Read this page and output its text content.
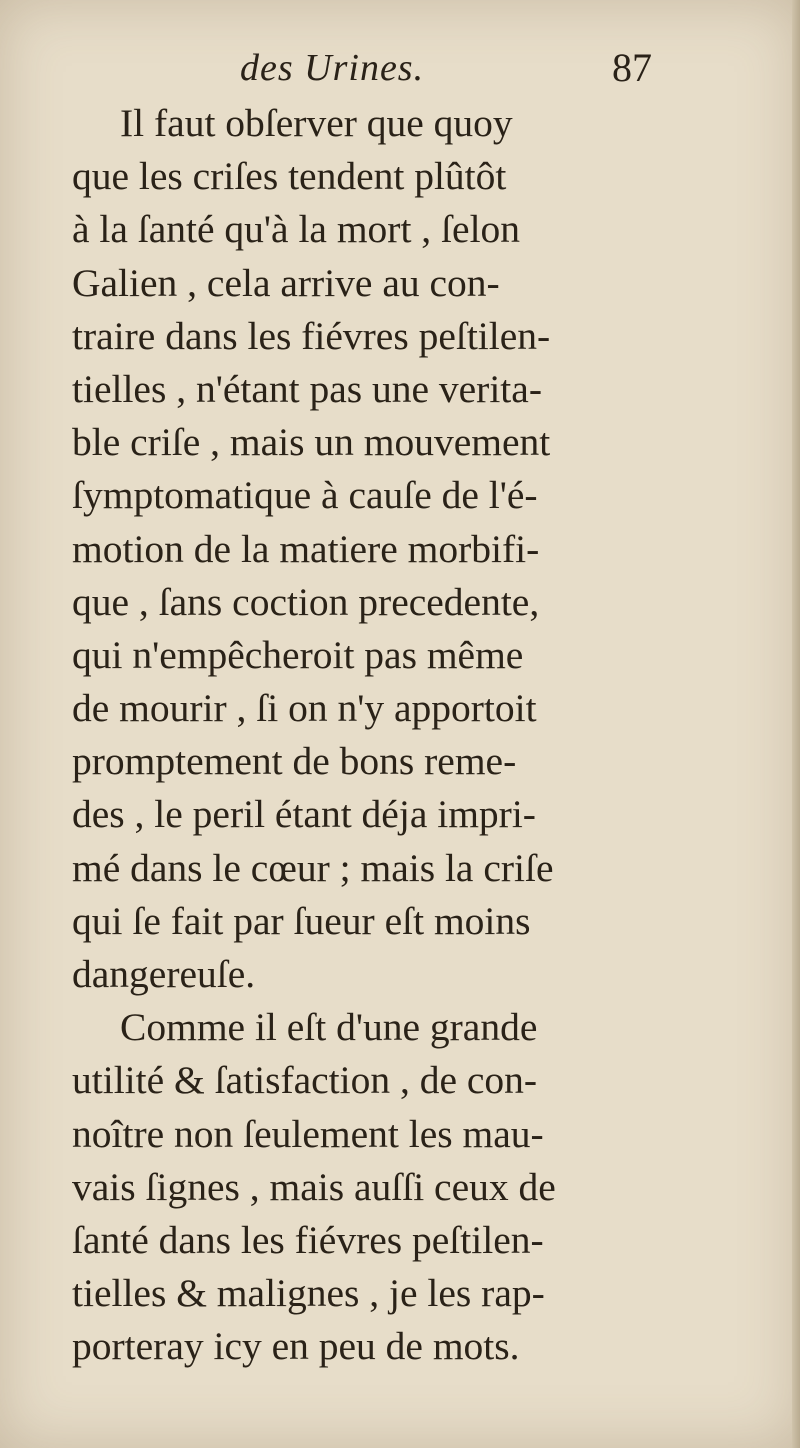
des Urines.	87
Il faut obſerver que quoy
que les criſes tendent plûtôt
à la ſanté qu'à la mort , ſelon
Galien , cela arrive au con-
traire dans les fiévres peſtilen-
tielles , n'étant pas une verita-
ble criſe , mais un mouvement
ſymptomatique à cauſe de l'é-
motion de la matiere morbifi-
que , ſans coction precedente,
qui n'empêcheroit pas même
de mourir , ſi on n'y apportoit
promptement de bons reme-
des , le peril étant déja impri-
mé dans le cœur ; mais la criſe
qui ſe fait par ſueur eſt moins
dangereuſe.
Comme il eſt d'une grande
utilité & ſatisfaction , de con-
noître non ſeulement les mau-
vais ſignes , mais auſſi ceux de
ſanté dans les fiévres peſtilen-
tielles & malignes , je les rap-
porteray icy en peu de mots.
